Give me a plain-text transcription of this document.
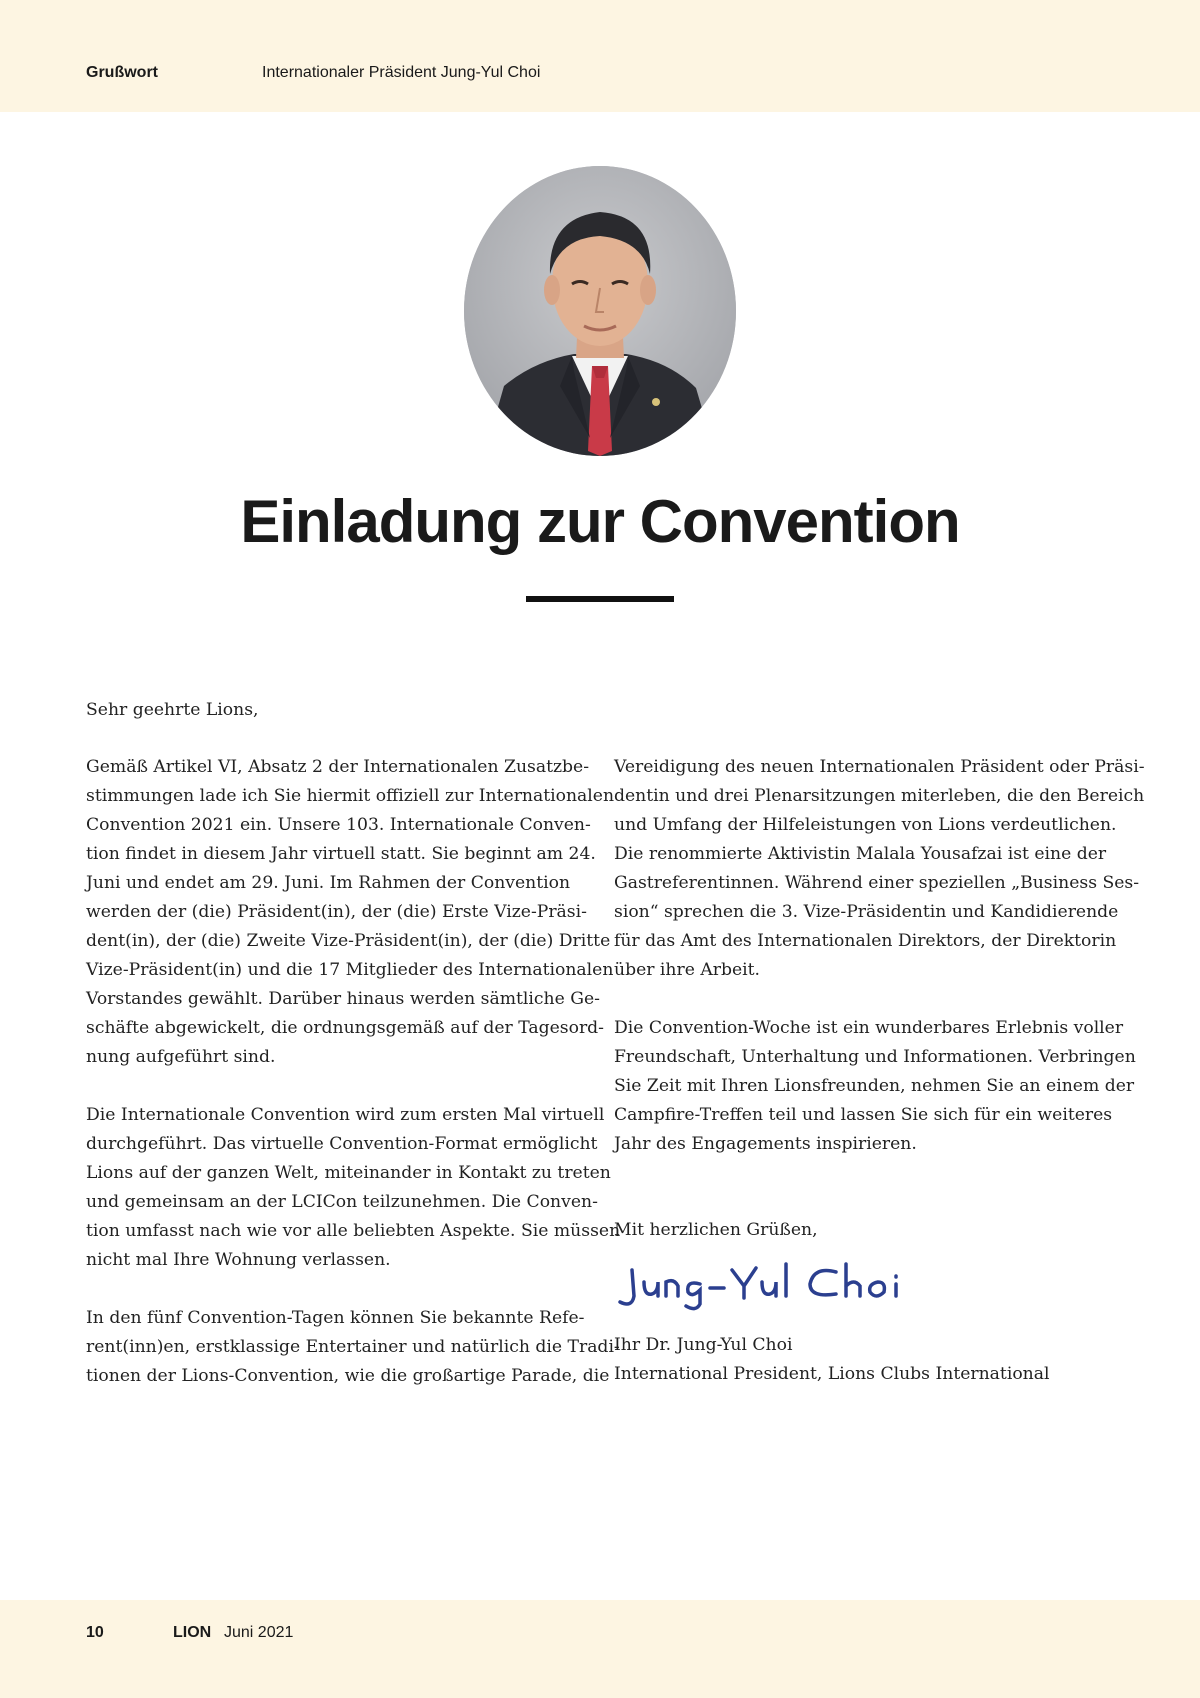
Grußwort	Internationaler Präsident Jung-Yul Choi
Einladung zur Convention
Sehr geehrte Lions,

Gemäß Artikel VI, Absatz 2 der Internationalen Zusatzbe-
stimmungen lade ich Sie hiermit offiziell zur Internationalen
Convention 2021 ein. Unsere 103. Internationale Conven-
tion findet in diesem Jahr virtuell statt. Sie beginnt am 24.
Juni und endet am 29. Juni. Im Rahmen der Convention
werden der (die) Präsident(in), der (die) Erste Vize-Präsi-
dent(in), der (die) Zweite Vize-Präsident(in), der (die) Dritte
Vize-Präsident(in) und die 17 Mitglieder des Internationalen
Vorstandes gewählt. Darüber hinaus werden sämtliche Ge-
schäfte abgewickelt, die ordnungsgemäß auf der Tagesord-
nung aufgeführt sind.

Die Internationale Convention wird zum ersten Mal virtuell
durchgeführt. Das virtuelle Convention-Format ermöglicht
Lions auf der ganzen Welt, miteinander in Kontakt zu treten
und gemeinsam an der LCICon teilzunehmen. Die Conven-
tion umfasst nach wie vor alle beliebten Aspekte. Sie müssen
nicht mal Ihre Wohnung verlassen.

In den fünf Convention-Tagen können Sie bekannte Refe-
rent(inn)en, erstklassige Entertainer und natürlich die Tradi-
tionen der Lions-Convention, wie die großartige Parade, die

Vereidigung des neuen Internationalen Präsident oder Präsi-
dentin und drei Plenarsitzungen miterleben, die den Bereich
und Umfang der Hilfeleistungen von Lions verdeutlichen.
Die renommierte Aktivistin Malala Yousafzai ist eine der
Gastreferentinnen. Während einer speziellen „Business Ses-
sion“ sprechen die 3. Vize-Präsidentin und Kandidierende
für das Amt des Internationalen Direktors, der Direktorin
über ihre Arbeit.

Die Convention-Woche ist ein wunderbares Erlebnis voller
Freundschaft, Unterhaltung und Informationen. Verbringen
Sie Zeit mit Ihren Lionsfreunden, nehmen Sie an einem der
Campfire-Treffen teil und lassen Sie sich für ein weiteres
Jahr des Engagements inspirieren.

Mit herzlichen Grüßen,
Ihr Dr. Jung-Yul Choi
International President, Lions Clubs International
10	LION Juni 2021
